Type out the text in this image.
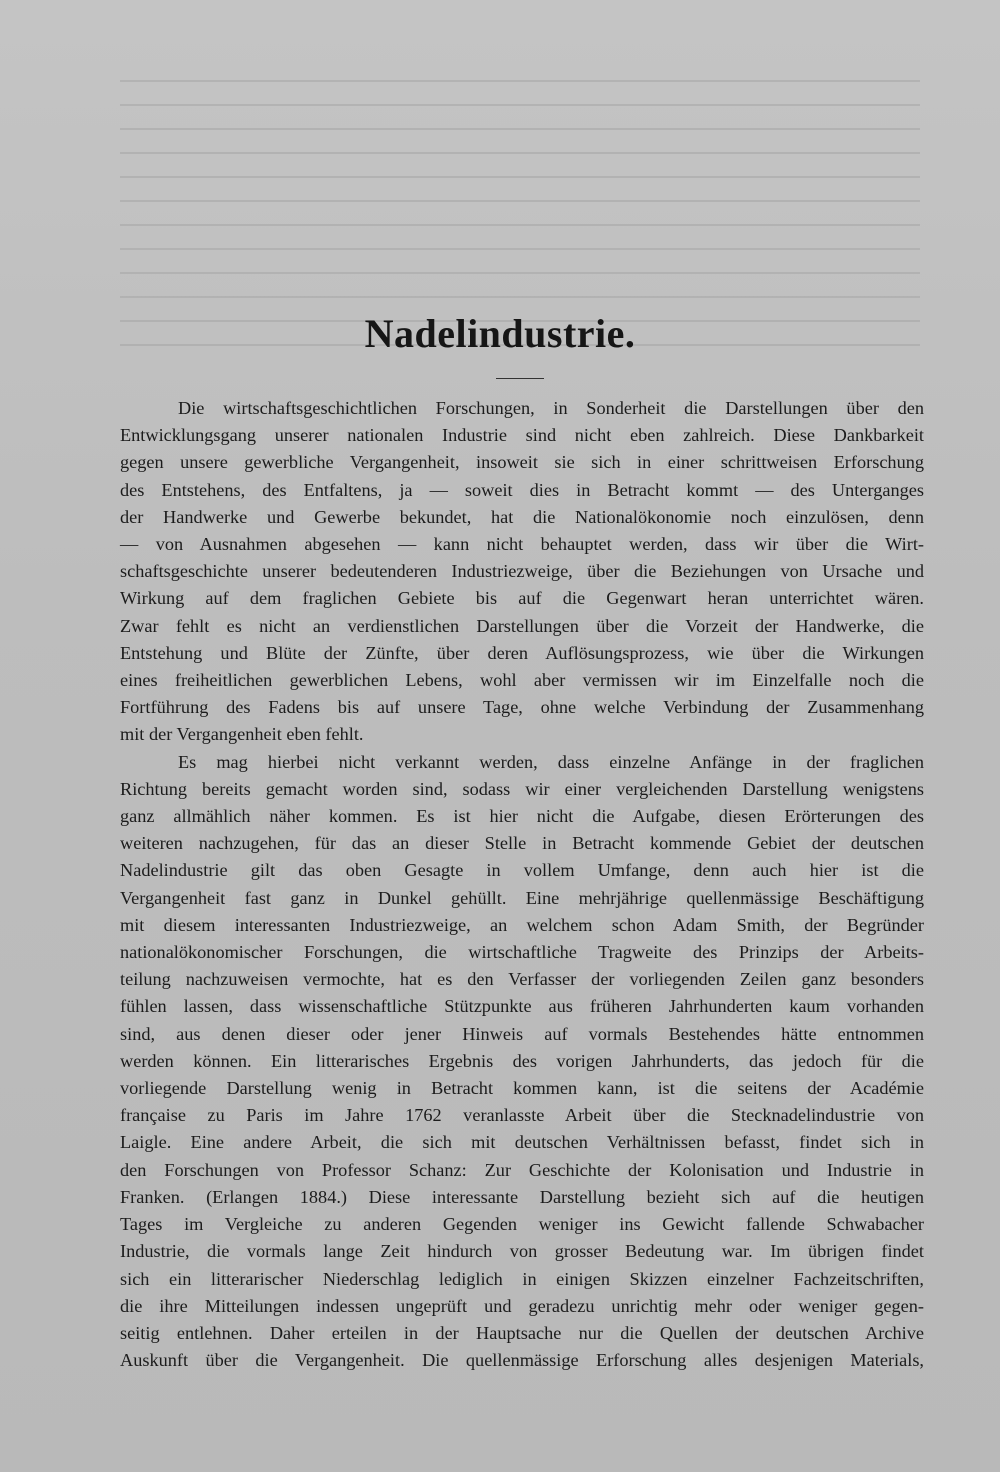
Nadelindustrie.

Die wirtschaftsgeschichtlichen Forschungen, in Sonderheit die Darstellungen über den
Entwicklungsgang unserer nationalen Industrie sind nicht eben zahlreich. Diese Dankbarkeit
gegen unsere gewerbliche Vergangenheit, insoweit sie sich in einer schrittweisen Erforschung
des Entstehens, des Entfaltens, ja — soweit dies in Betracht kommt — des Unterganges
der Handwerke und Gewerbe bekundet, hat die Nationalökonomie noch einzulösen, denn
— von Ausnahmen abgesehen — kann nicht behauptet werden, dass wir über die Wirt-
schaftsgeschichte unserer bedeutenderen Industriezweige, über die Beziehungen von Ursache und
Wirkung auf dem fraglichen Gebiete bis auf die Gegenwart heran unterrichtet wären.
Zwar fehlt es nicht an verdienstlichen Darstellungen über die Vorzeit der Handwerke, die
Entstehung und Blüte der Zünfte, über deren Auflösungsprozess, wie über die Wirkungen
eines freiheitlichen gewerblichen Lebens, wohl aber vermissen wir im Einzelfalle noch die
Fortführung des Fadens bis auf unsere Tage, ohne welche Verbindung der Zusammenhang
mit der Vergangenheit eben fehlt.

Es mag hierbei nicht verkannt werden, dass einzelne Anfänge in der fraglichen
Richtung bereits gemacht worden sind, sodass wir einer vergleichenden Darstellung wenigstens
ganz allmählich näher kommen. Es ist hier nicht die Aufgabe, diesen Erörterungen des
weiteren nachzugehen, für das an dieser Stelle in Betracht kommende Gebiet der deutschen
Nadelindustrie gilt das oben Gesagte in vollem Umfange, denn auch hier ist die
Vergangenheit fast ganz in Dunkel gehüllt. Eine mehrjährige quellenmässige Beschäftigung
mit diesem interessanten Industriezweige, an welchem schon Adam Smith, der Begründer
nationalökonomischer Forschungen, die wirtschaftliche Tragweite des Prinzips der Arbeits-
teilung nachzuweisen vermochte, hat es den Verfasser der vorliegenden Zeilen ganz besonders
fühlen lassen, dass wissenschaftliche Stützpunkte aus früheren Jahrhunderten kaum vorhanden
sind, aus denen dieser oder jener Hinweis auf vormals Bestehendes hätte entnommen
werden können. Ein litterarisches Ergebnis des vorigen Jahrhunderts, das jedoch für die
vorliegende Darstellung wenig in Betracht kommen kann, ist die seitens der Académie
française zu Paris im Jahre 1762 veranlasste Arbeit über die Stecknadelindustrie von
Laigle. Eine andere Arbeit, die sich mit deutschen Verhältnissen befasst, findet sich in
den Forschungen von Professor Schanz: Zur Geschichte der Kolonisation und Industrie in
Franken. (Erlangen 1884.) Diese interessante Darstellung bezieht sich auf die heutigen
Tages im Vergleiche zu anderen Gegenden weniger ins Gewicht fallende Schwabacher
Industrie, die vormals lange Zeit hindurch von grosser Bedeutung war. Im übrigen findet
sich ein litterarischer Niederschlag lediglich in einigen Skizzen einzelner Fachzeitschriften,
die ihre Mitteilungen indessen ungeprüft und geradezu unrichtig mehr oder weniger gegen-
seitig entlehnen. Daher erteilen in der Hauptsache nur die Quellen der deutschen Archive
Auskunft über die Vergangenheit. Die quellenmässige Erforschung alles desjenigen Materials,
